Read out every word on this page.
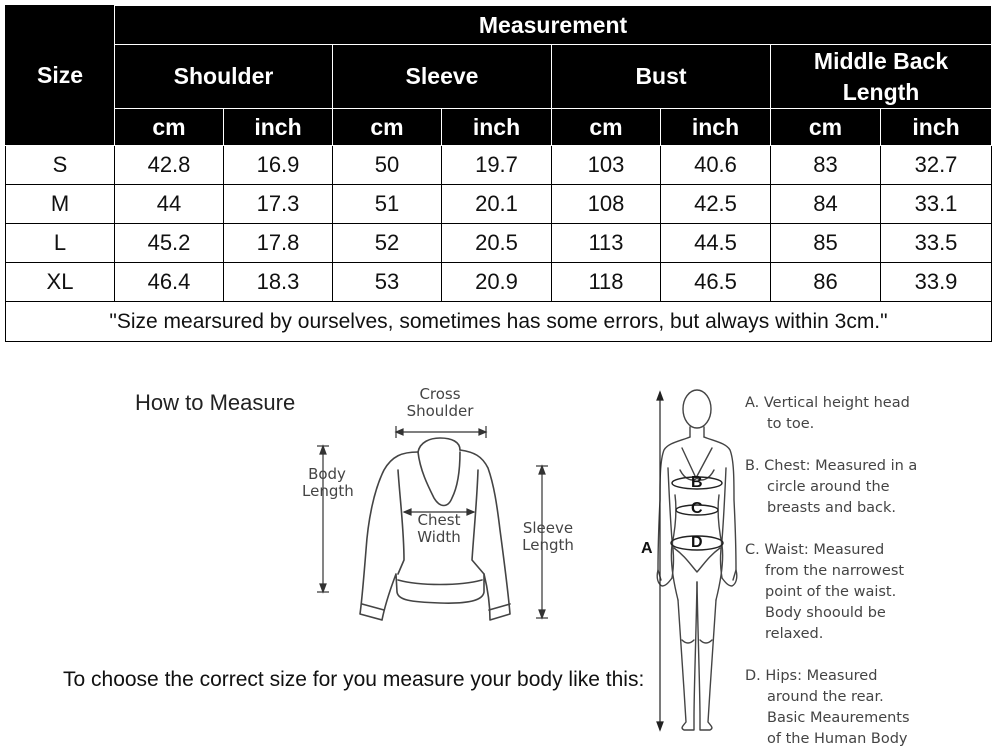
Size	Measurement							
	Shoulder		Sleeve		Bust		Middle Back
Length	
	cm	inch	cm	inch	cm	inch	cm	inch
S	42.8	16.9	50	19.7	103	40.6	83	32.7
M	44	17.3	51	20.1	108	42.5	84	33.1
L	45.2	17.8	52	20.5	113	44.5	85	33.5
XL	46.4	18.3	53	20.9	118	46.5	86	33.9
"Size mearsured by ourselves, sometimes has some errors, but always within 3cm."								
How to Measure
To choose the correct size for you measure your body like this:
Cross
Shoulder
Body
Length
Chest
Width	Sleeve
Length	A
B
C
D
A. Vertical height head
to toe.
B. Chest: Measured in a
circle around the
breasts and back.
C. Waist: Measured
from the narrowest
point of the waist.
Body shoould be
relaxed.
D. Hips: Measured
around the rear.
Basic Meaurements
of the Human Body
